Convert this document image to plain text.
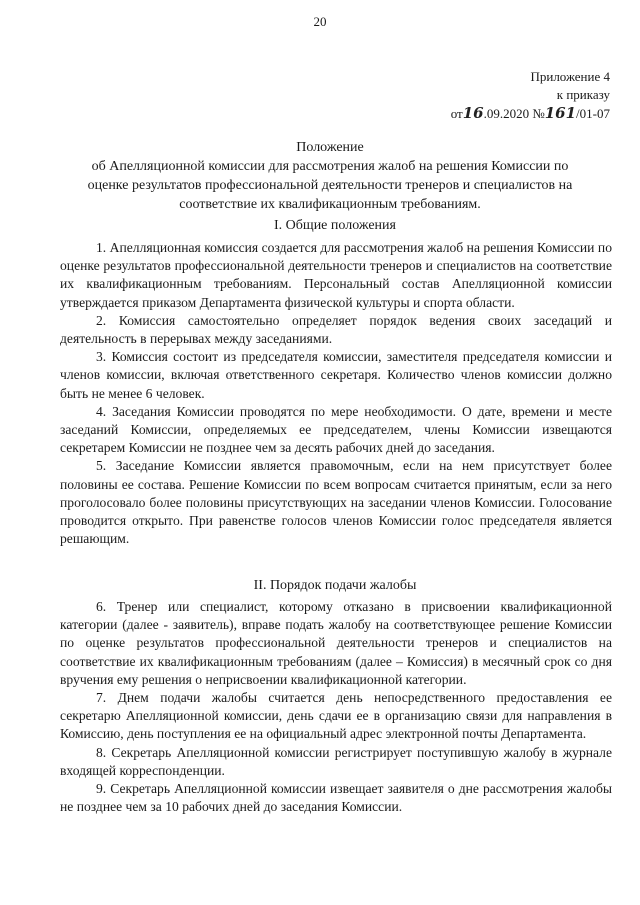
20
Приложение 4
к приказу
от16.09.2020 №161/01-07
Положение
об Апелляционной комиссии для рассмотрения жалоб на решения Комиссии по
оценке результатов профессиональной деятельности тренеров и специалистов на
соответствие их квалификационным требованиям.
I. Общие положения

1. Апелляционная комиссия создается для рассмотрения жалоб на решения Комиссии по оценке результатов профессиональной деятельности тренеров и специалистов на соответствие их квалификационным требованиям. Персональный состав Апелляционной комиссии утверждается приказом Департамента физической культуры и спорта области.

2. Комиссия самостоятельно определяет порядок ведения своих заседаций и деятельность в перерывах между заседаниями.

3. Комиссия состоит из председателя комиссии, заместителя председателя комиссии и членов комиссии, включая ответственного секретаря. Количество членов комиссии должно быть не менее 6 человек.

4. Заседания Комиссии проводятся по мере необходимости. О дате, времени и месте заседаний Комиссии, определяемых ее председателем, члены Комиссии извещаются секретарем Комиссии не позднее чем за десять рабочих дней до заседания.

5. Заседание Комиссии является правомочным, если на нем присутствует более половины ее состава. Решение Комиссии по всем вопросам считается принятым, если за него проголосовало более половины присутствующих на заседании членов Комиссии. Голосование проводится открыто. При равенстве голосов членов Комиссии голос председателя является решающим.

II. Порядок подачи жалобы

6. Тренер или специалист, которому отказано в присвоении квалификационной категории (далее - заявитель), вправе подать жалобу на соответствующее решение Комиссии по оценке результатов профессиональной деятельности тренеров и специалистов на соответствие их квалификационным требованиям (далее – Комиссия) в месячный срок со дня вручения ему решения о неприсвоении квалификационной категории.

7. Днем подачи жалобы считается день непосредственного предоставления ее секретарю Апелляционной комиссии, день сдачи ее в организацию связи для направления в Комиссию, день поступления ее на официальный адрес электронной почты Департамента.

8. Секретарь Апелляционной комиссии регистрирует поступившую жалобу в журнале входящей корреспонденции.

9. Секретарь Апелляционной комиссии извещает заявителя о дне рассмотрения жалобы не позднее чем за 10 рабочих дней до заседания Комиссии.
